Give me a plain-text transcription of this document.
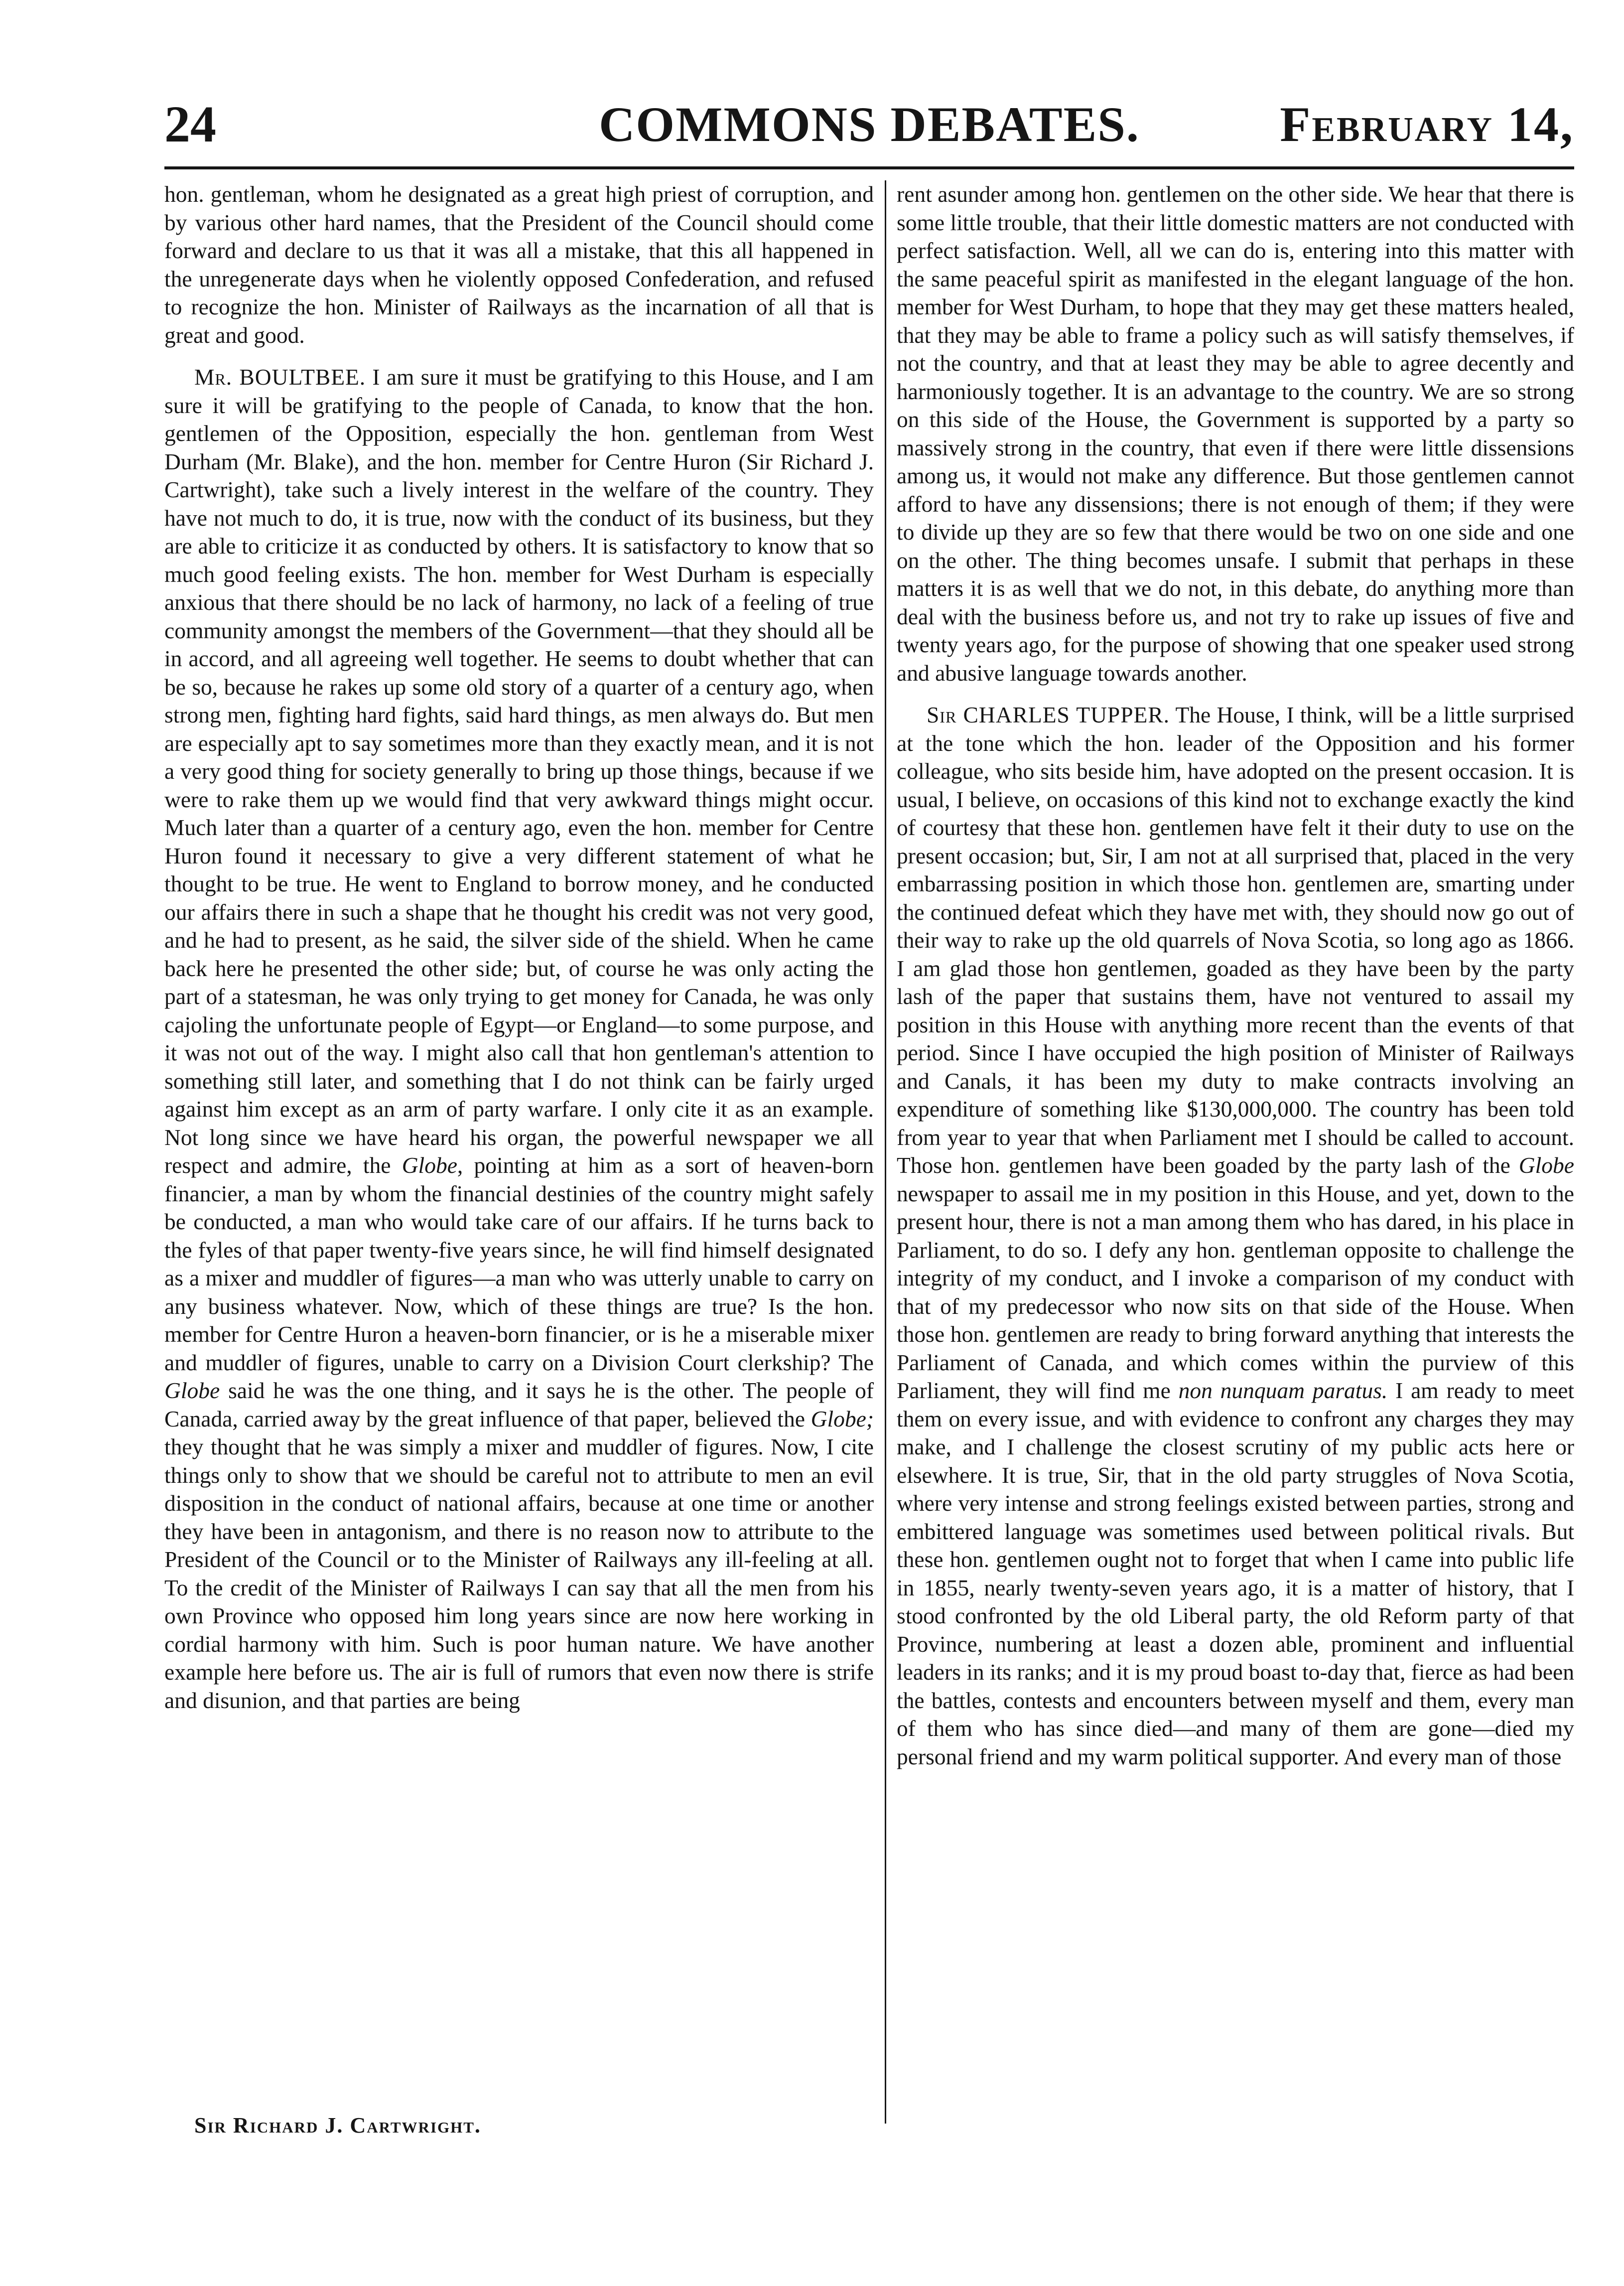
24	COMMONS DEBATES.	February 14,

hon. gentleman, whom he designated as a great high priest of corruption, and by various other hard names, that the President of the Council should come forward and declare to us that it was all a mistake, that this all happened in the unregenerate days when he violently opposed Confederation, and refused to recognize the hon. Minister of Railways as the incarnation of all that is great and good.

Mr. BOULTBEE. I am sure it must be gratifying to this House, and I am sure it will be gratifying to the people of Canada, to know that the hon. gentlemen of the Opposition, especially the hon. gentleman from West Durham (Mr. Blake), and the hon. member for Centre Huron (Sir Richard J. Cartwright), take such a lively interest in the welfare of the country. They have not much to do, it is true, now with the conduct of its business, but they are able to criticize it as conducted by others. It is satisfactory to know that so much good feeling exists. The hon. member for West Durham is especially anxious that there should be no lack of harmony, no lack of a feeling of true community amongst the members of the Government—that they should all be in accord, and all agreeing well together. He seems to doubt whether that can be so, because he rakes up some old story of a quarter of a century ago, when strong men, fighting hard fights, said hard things, as men always do. But men are especially apt to say sometimes more than they exactly mean, and it is not a very good thing for society generally to bring up those things, because if we were to rake them up we would find that very awkward things might occur. Much later than a quarter of a century ago, even the hon. member for Centre Huron found it necessary to give a very different statement of what he thought to be true. He went to England to borrow money, and he conducted our affairs there in such a shape that he thought his credit was not very good, and he had to present, as he said, the silver side of the shield. When he came back here he presented the other side; but, of course he was only acting the part of a statesman, he was only trying to get money for Canada, he was only cajoling the unfortunate people of Egypt—or England—to some purpose, and it was not out of the way. I might also call that hon gentleman's attention to something still later, and something that I do not think can be fairly urged against him except as an arm of party warfare. I only cite it as an example. Not long since we have heard his organ, the powerful newspaper we all respect and admire, the Globe, pointing at him as a sort of heaven-born financier, a man by whom the financial destinies of the country might safely be conducted, a man who would take care of our affairs. If he turns back to the fyles of that paper twenty-five years since, he will find himself designated as a mixer and muddler of figures—a man who was utterly unable to carry on any business whatever. Now, which of these things are true? Is the hon. member for Centre Huron a heaven-born financier, or is he a miserable mixer and muddler of figures, unable to carry on a Division Court clerkship? The Globe said he was the one thing, and it says he is the other. The people of Canada, carried away by the great influence of that paper, believed the Globe; they thought that he was simply a mixer and muddler of figures. Now, I cite things only to show that we should be careful not to attribute to men an evil disposition in the conduct of national affairs, because at one time or another they have been in antagonism, and there is no reason now to attribute to the President of the Council or to the Minister of Railways any ill-feeling at all. To the credit of the Minister of Railways I can say that all the men from his own Province who opposed him long years since are now here working in cordial harmony with him. Such is poor human nature. We have another example here before us. The air is full of rumors that even now there is strife and disunion, and that parties are being

rent asunder among hon. gentlemen on the other side. We hear that there is some little trouble, that their little domestic matters are not conducted with perfect satisfaction. Well, all we can do is, entering into this matter with the same peaceful spirit as manifested in the elegant language of the hon. member for West Durham, to hope that they may get these matters healed, that they may be able to frame a policy such as will satisfy themselves, if not the country, and that at least they may be able to agree decently and harmoniously together. It is an advantage to the country. We are so strong on this side of the House, the Government is supported by a party so massively strong in the country, that even if there were little dissensions among us, it would not make any difference. But those gentlemen cannot afford to have any dissensions; there is not enough of them; if they were to divide up they are so few that there would be two on one side and one on the other. The thing becomes unsafe. I submit that perhaps in these matters it is as well that we do not, in this debate, do anything more than deal with the business before us, and not try to rake up issues of five and twenty years ago, for the purpose of showing that one speaker used strong and abusive language towards another.

Sir CHARLES TUPPER. The House, I think, will be a little surprised at the tone which the hon. leader of the Opposition and his former colleague, who sits beside him, have adopted on the present occasion. It is usual, I believe, on occasions of this kind not to exchange exactly the kind of courtesy that these hon. gentlemen have felt it their duty to use on the present occasion; but, Sir, I am not at all surprised that, placed in the very embarrassing position in which those hon. gentlemen are, smarting under the continued defeat which they have met with, they should now go out of their way to rake up the old quarrels of Nova Scotia, so long ago as 1866. I am glad those hon gentlemen, goaded as they have been by the party lash of the paper that sustains them, have not ventured to assail my position in this House with anything more recent than the events of that period. Since I have occupied the high position of Minister of Railways and Canals, it has been my duty to make contracts involving an expenditure of something like $130,000,000. The country has been told from year to year that when Parliament met I should be called to account. Those hon. gentlemen have been goaded by the party lash of the Globe newspaper to assail me in my position in this House, and yet, down to the present hour, there is not a man among them who has dared, in his place in Parliament, to do so. I defy any hon. gentleman opposite to challenge the integrity of my conduct, and I invoke a comparison of my conduct with that of my predecessor who now sits on that side of the House. When those hon. gentlemen are ready to bring forward anything that interests the Parliament of Canada, and which comes within the purview of this Parliament, they will find me non nunquam paratus. I am ready to meet them on every issue, and with evidence to confront any charges they may make, and I challenge the closest scrutiny of my public acts here or elsewhere. It is true, Sir, that in the old party struggles of Nova Scotia, where very intense and strong feelings existed between parties, strong and embittered language was sometimes used between political rivals. But these hon. gentlemen ought not to forget that when I came into public life in 1855, nearly twenty-seven years ago, it is a matter of history, that I stood confronted by the old Liberal party, the old Reform party of that Province, numbering at least a dozen able, prominent and influential leaders in its ranks; and it is my proud boast to-day that, fierce as had been the battles, contests and encounters between myself and them, every man of them who has since died—and many of them are gone—died my personal friend and my warm political supporter. And every man of those

Sir Richard J. Cartwright.
